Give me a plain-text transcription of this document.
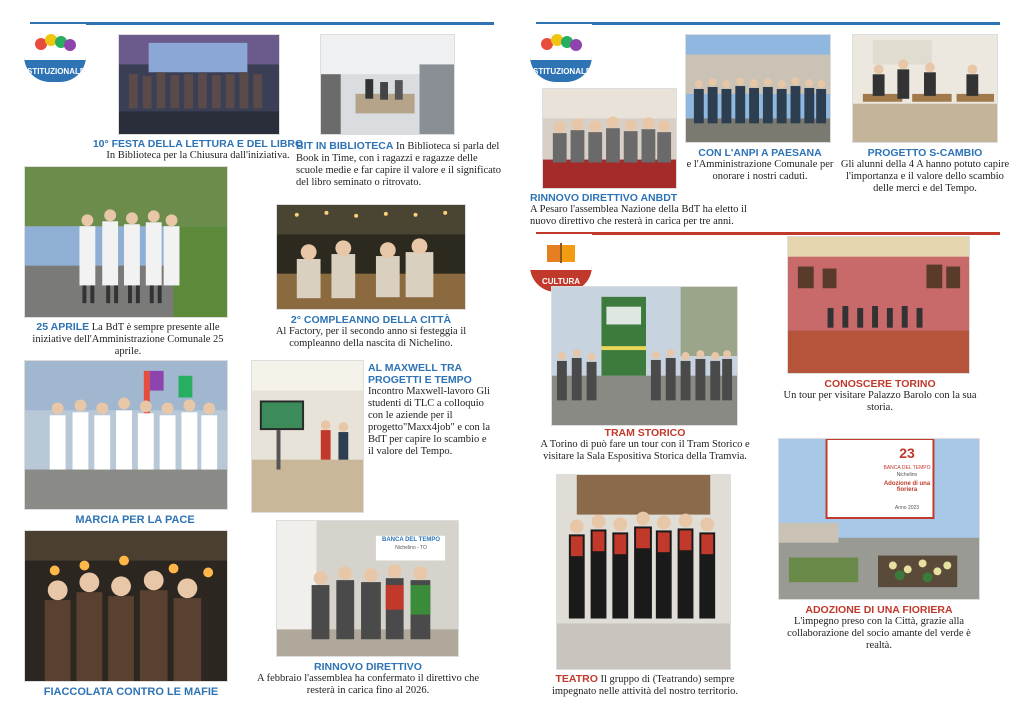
ISTITUZIONALE
10° FESTA DELLA LETTURA E DEL LIBRO
In Biblioteca per la Chiusura dall'iniziativa.
BIT IN BIBLIOTECA In Biblioteca si parla del Book in Time, con i ragazzi e ragazze delle scuole medie e far capire il valore e il significato del libro seminato o ritrovato.
25 APRILE La BdT è sempre presente alle iniziative dell'Amministrazione Comunale 25 aprile.
2° COMPLEANNO DELLA CITTÀ
Al Factory, per il secondo anno si festeggia il compleanno della nascita di Nichelino.
MARCIA PER LA PACE
AL MAXWELL TRA PROGETTI E TEMPO
Incontro Maxwell-lavoro Gli studenti di TLC a colloquio con le aziende per il progetto"Maxx4job" e con la BdT per capire lo scambio e il valore del Tempo.
FIACCOLATA CONTRO LE MAFIE
BANCA DEL TEMPO
Nichelino - TO
RINNOVO DIRETTIVO
A febbraio l'assemblea ha confermato il direttivo che resterà in carica fino al 2026.
ISTITUZIONALE
RINNOVO DIRETTIVO ANBDT
A Pesaro l'assemblea Nazione della BdT ha eletto il nuovo direttivo che resterà in carica per tre anni.
CON L'ANPI A PAESANA
e l'Amministrazione Comunale per onorare i nostri caduti.
PROGETTO S-CAMBIO
Gli alunni della 4 A hanno potuto capire l'importanza e il valore dello scambio delle merci e del Tempo.
CULTURA
TRAM STORICO
A Torino di può fare un tour con il Tram Storico e visitare la Sala Espositiva Storica della Tramvia.
CONOSCERE TORINO
Un tour per visitare Palazzo Barolo con la sua storia.
TEATRO Il gruppo di (Teatrando) sempre impegnato nelle attività del nostro territorio.
23
BANCA DEL TEMPO
Nichelino
Adozione di una fioriera
Anno 2023
ADOZIONE DI UNA FIORIERA
L'impegno preso con la Città, grazie alla collaborazione del socio amante del verde è realtà.
